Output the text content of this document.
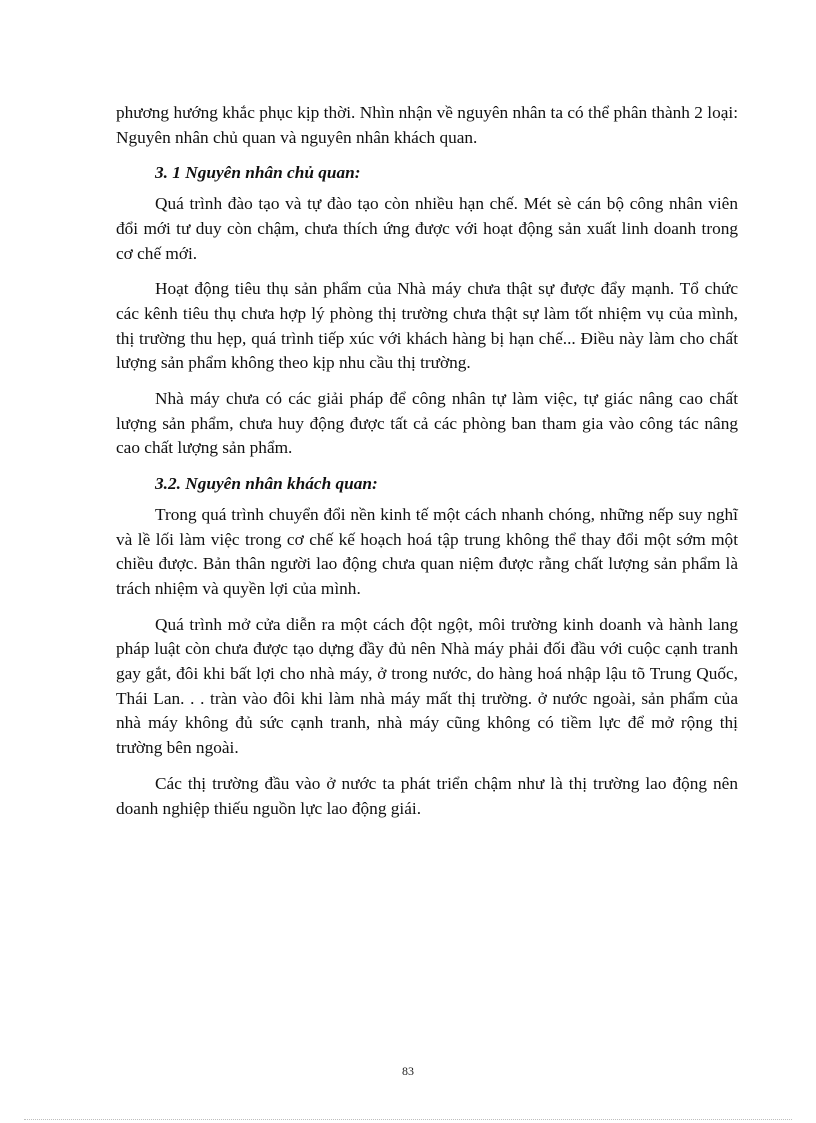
phương hướng khắc phục kịp thời. Nhìn nhận về nguyên nhân ta có thể phân thành 2 loại: Nguyên nhân chủ quan và nguyên nhân khách quan.

3. 1 Nguyên nhân chủ quan:

Quá trình đào tạo và tự đào tạo còn nhiều hạn chế. Mét sè cán bộ công nhân viên đổi mới tư duy còn chậm, chưa thích ứng được với hoạt động sản xuất linh doanh trong cơ chế mới.

Hoạt động tiêu thụ sản phẩm của Nhà máy chưa thật sự được đẩy mạnh. Tổ chức các kênh tiêu thụ chưa hợp lý phòng thị trường chưa thật sự làm tốt nhiệm vụ của mình, thị trường thu hẹp, quá trình tiếp xúc với khách hàng bị hạn chế... Điều này làm cho chất lượng sản phẩm không theo kịp nhu cầu thị trường.

Nhà máy chưa có các giải pháp để công nhân tự làm việc, tự giác nâng cao chất lượng sản phẩm, chưa huy động được tất cả các phòng ban tham gia vào công tác nâng cao chất lượng sản phẩm.

3.2. Nguyên nhân khách quan:

Trong quá trình chuyển đổi nền kinh tế một cách nhanh chóng, những nếp suy nghĩ và lề lối làm việc trong cơ chế kế hoạch hoá tập trung không thể thay đổi một sớm một chiều được. Bản thân người lao động chưa quan niệm được rằng chất lượng sản phẩm là trách nhiệm và quyền lợi của mình.

Quá trình mở cửa diễn ra một cách đột ngột, môi trường kinh doanh và hành lang pháp luật còn chưa được tạo dựng đầy đủ nên Nhà máy phải đối đầu với cuộc cạnh tranh gay gắt, đôi khi bất lợi cho nhà máy, ở trong nước, do hàng hoá nhập lậu tõ Trung Quốc, Thái Lan. . . tràn vào đôi khi làm nhà máy mất thị trường. ở nước ngoài, sản phẩm của nhà máy không đủ sức cạnh tranh, nhà máy cũng không có tiềm lực để mở rộng thị trường bên ngoài.

Các thị trường đầu vào ở nước ta phát triển chậm như là thị trường lao động nên doanh nghiệp thiếu nguồn lực lao động giái.

83
